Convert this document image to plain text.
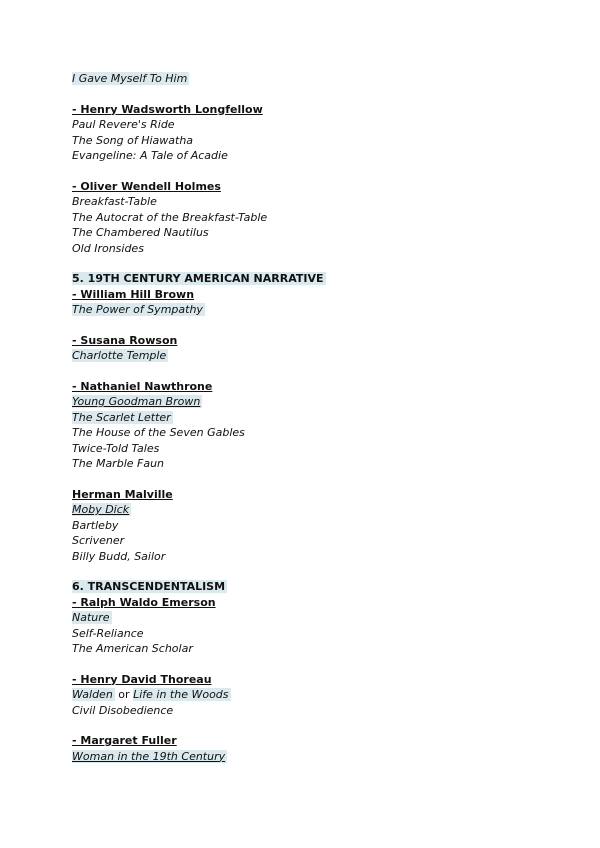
I Gave Myself To Him
- Henry Wadsworth Longfellow
Paul Revere's Ride
The Song of Hiawatha
Evangeline: A Tale of Acadie
- Oliver Wendell Holmes
Breakfast-Table
The Autocrat of the Breakfast-Table
The Chambered Nautilus
Old Ironsides
5. 19TH CENTURY AMERICAN NARRATIVE
- William Hill Brown
The Power of Sympathy
- Susana Rowson
Charlotte Temple
- Nathaniel Nawthrone
Young Goodman Brown
The Scarlet Letter
The House of the Seven Gables
Twice-Told Tales
The Marble Faun
Herman Malville
Moby Dick
Bartleby
Scrivener
Billy Budd, Sailor
6. TRANSCENDENTALISM
- Ralph Waldo Emerson
Nature
Self-Reliance
The American Scholar
- Henry David Thoreau
Walden or Life in the Woods
Civil Disobedience
- Margaret Fuller
Woman in the 19th Century
